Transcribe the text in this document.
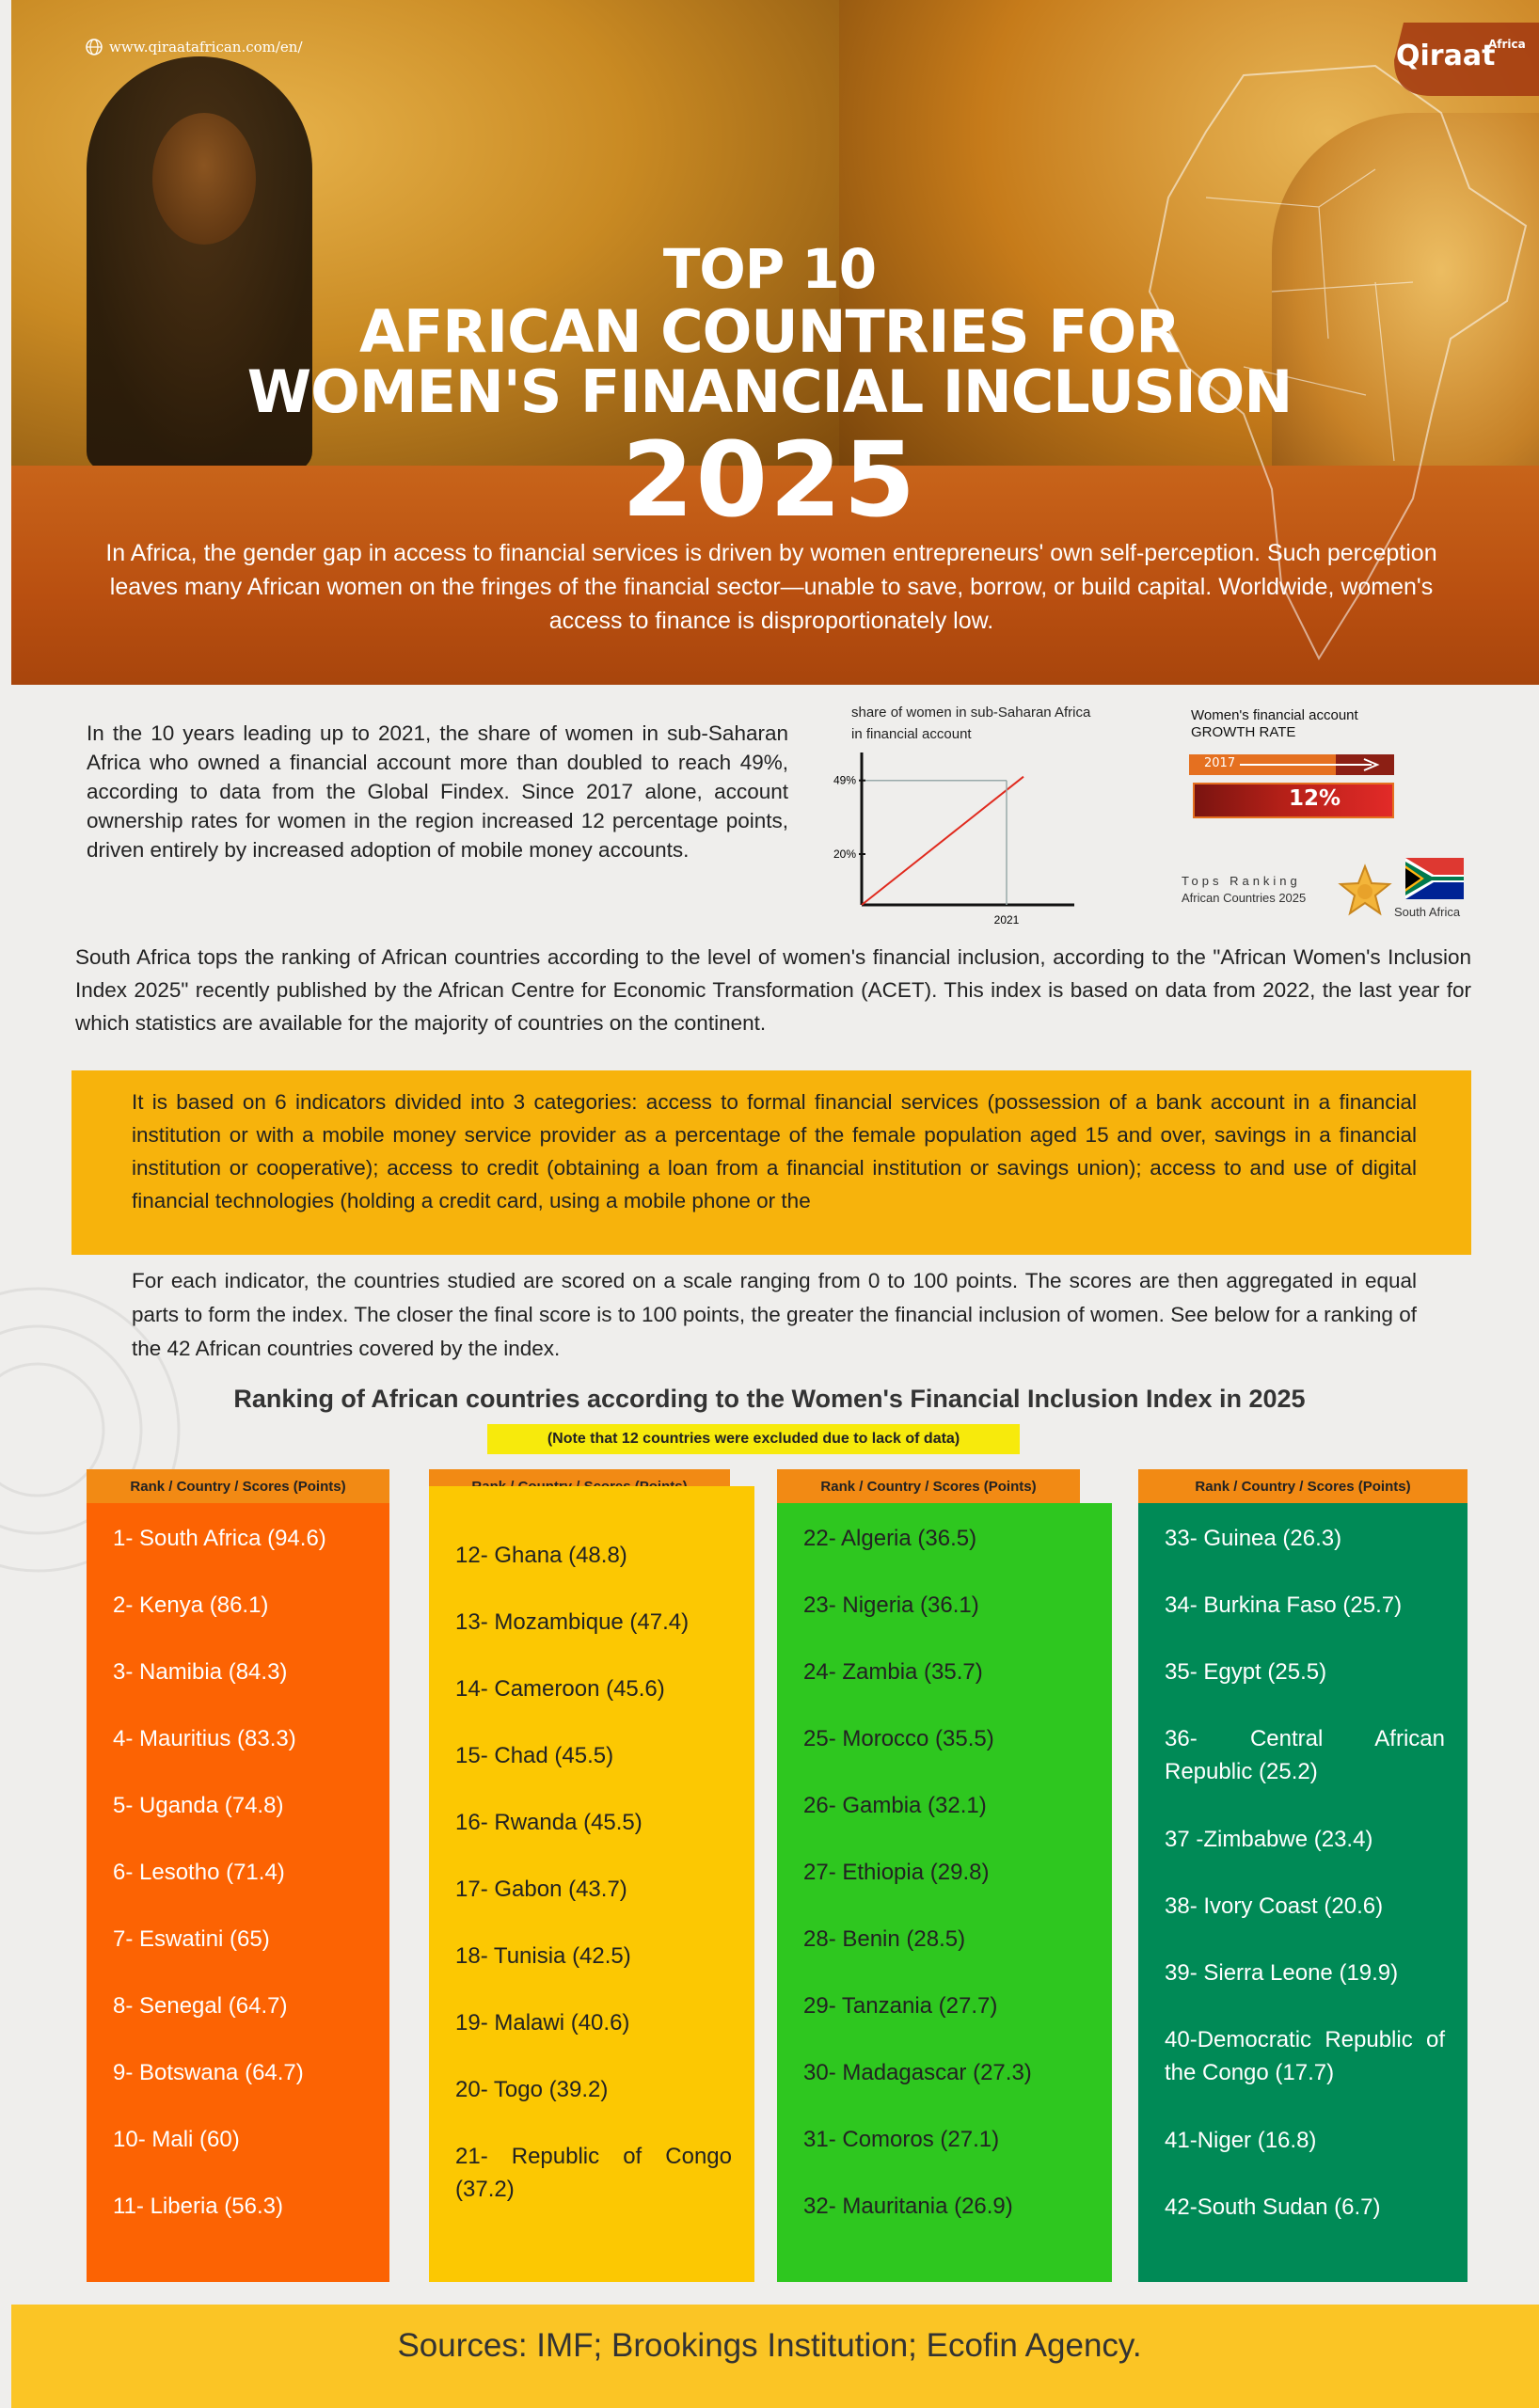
www.qiraatafrican.com/en/	Qiraat
Africa
TOP 10
AFRICAN COUNTRIES FOR
WOMEN'S FINANCIAL INCLUSION
2025
In Africa, the gender gap in access to financial services is driven by women entrepreneurs' own self-perception. Such perception leaves many African women on the fringes of the financial sector—unable to save, borrow, or build capital. Worldwide, women's access to finance is disproportionately low.
In the 10 years leading up to 2021, the share of women in sub-Saharan Africa who owned a financial account more than doubled to reach 49%, according to data from the Global Findex. Since 2017 alone, account ownership rates for women in the region increased 12 percentage points, driven entirely by increased adoption of mobile money accounts.
share of women in sub-Saharan Africa in financial account
20%
49%
2021
Women's financial account
GROWTH RATE
2017
12%
Tops Ranking
African Countries 2025
South Africa
South Africa tops the ranking of African countries according to the level of women's financial inclusion, according to the "African Women's Inclusion Index 2025" recently published by the African Centre for Economic Transformation (ACET). This index is based on data from 2022, the last year for which statistics are available for the majority of countries on the continent.
It is based on 6 indicators divided into 3 categories: access to formal financial services (possession of a bank account in a financial institution or with a mobile money service provider as a percentage of the female population aged 15 and over, savings in a financial institution or cooperative); access to credit (obtaining a loan from a financial institution or savings union); access to and use of digital financial technologies (holding a credit card, using a mobile phone or the
For each indicator, the countries studied are scored on a scale ranging from 0 to 100 points. The scores are then aggregated in equal parts to form the index. The closer the final score is to 100 points, the greater the financial inclusion of women. See below for a ranking of the 42 African countries covered by the index.
Ranking of African countries according to the Women's Financial Inclusion Index in 2025
(Note that 12 countries were excluded due to lack of data)
Rank / Country / Scores (Points)	Rank / Country / Scores (Points)	Rank / Country / Scores (Points)
1- South Africa (94.6)
2- Kenya (86.1)
3- Namibia (84.3)
4- Mauritius (83.3)
5- Uganda (74.8)
6- Lesotho (71.4)
7- Eswatini (65)
8- Senegal (64.7)
9- Botswana (64.7)
10- Mali (60)
11- Liberia (56.3)
12- Ghana (48.8)
13- Mozambique (47.4)
14- Cameroon (45.6)
15- Chad (45.5)
16- Rwanda (45.5)
17- Gabon (43.7)
18- Tunisia (42.5)
19- Malawi (40.6)
20- Togo (39.2)
21- Republic of Congo (37.2)
22- Algeria (36.5)
23- Nigeria (36.1)
24- Zambia (35.7)
25- Morocco (35.5)
26- Gambia (32.1)
27- Ethiopia (29.8)
28- Benin (28.5)
29- Tanzania (27.7)
30- Madagascar (27.3)
31- Comoros (27.1)
32- Mauritania (26.9)
33- Guinea (26.3)
34- Burkina Faso (25.7)
35- Egypt (25.5)
36- Central African Republic (25.2)
37 -Zimbabwe (23.4)
38- Ivory Coast (20.6)
39- Sierra Leone (19.9)
40-Democratic Republic of the Congo (17.7)
41-Niger (16.8)
42-South Sudan (6.7)
Sources: IMF; Brookings Institution; Ecofin Agency.
